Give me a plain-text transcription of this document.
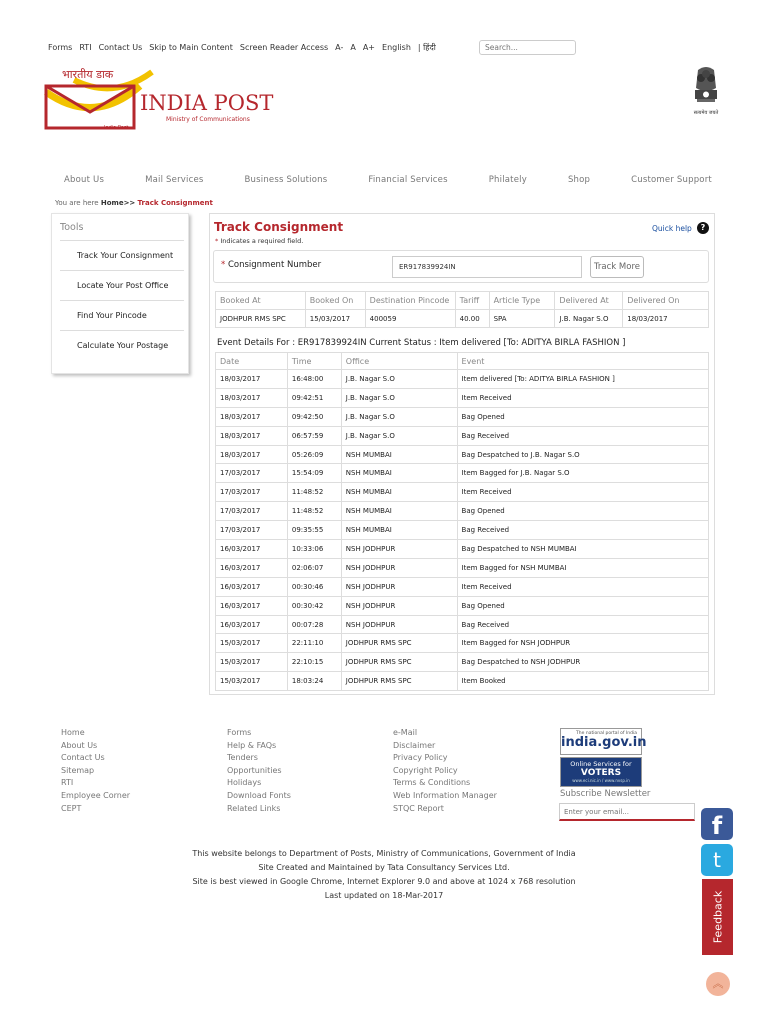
Forms RTI Contact Us Skip to Main Content Screen Reader Access A- A A+ English | हिंदी
Search...
भारतीय डाक
INDIA POST
Ministry of Communications
India Post
सत्यमेव जयते
About Us	Mail Services	Business Solutions	Financial Services	Philately	Shop	Customer Support
You are here Home>> Track Consignment
Tools
Track Your Consignment
Locate Your Post Office
Find Your Pincode
Calculate Your Postage
Track Consignment
* Indicates a required field.
Quick help	?
* Consignment Number
ER917839924IN	Track More
Booked At	Booked On	Destination Pincode	Tariff	Article Type	Delivered At	Delivered On
JODHPUR RMS SPC	15/03/2017	400059	40.00	SPA	J.B. Nagar S.O	18/03/2017
Event Details For : ER917839924IN Current Status : Item delivered [To: ADITYA BIRLA FASHION ]
Date	Time	Office	Event
18/03/2017	16:48:00	J.B. Nagar S.O	Item delivered [To: ADITYA BIRLA FASHION ]
18/03/2017	09:42:51	J.B. Nagar S.O	Item Received
18/03/2017	09:42:50	J.B. Nagar S.O	Bag Opened
18/03/2017	06:57:59	J.B. Nagar S.O	Bag Received
18/03/2017	05:26:09	NSH MUMBAI	Bag Despatched to J.B. Nagar S.O
17/03/2017	15:54:09	NSH MUMBAI	Item Bagged for J.B. Nagar S.O
17/03/2017	11:48:52	NSH MUMBAI	Item Received
17/03/2017	11:48:52	NSH MUMBAI	Bag Opened
17/03/2017	09:35:55	NSH MUMBAI	Bag Received
16/03/2017	10:33:06	NSH JODHPUR	Bag Despatched to NSH MUMBAI
16/03/2017	02:06:07	NSH JODHPUR	Item Bagged for NSH MUMBAI
16/03/2017	00:30:46	NSH JODHPUR	Item Received
16/03/2017	00:30:42	NSH JODHPUR	Bag Opened
16/03/2017	00:07:28	NSH JODHPUR	Bag Received
15/03/2017	22:11:10	JODHPUR RMS SPC	Item Bagged for NSH JODHPUR
15/03/2017	22:10:15	JODHPUR RMS SPC	Bag Despatched to NSH JODHPUR
15/03/2017	18:03:24	JODHPUR RMS SPC	Item Booked
Home
About Us
Contact Us
Sitemap
RTI
Employee Corner
CEPT
Forms
Help & FAQs
Tenders
Opportunities
Holidays
Download Fonts
Related Links
e-Mail
Disclaimer
Privacy Policy
Copyright Policy
Terms & Conditions
Web Information Manager
STQC Report
The national portal of India
india.gov.in
Online Services for
VOTERS
www.eci.nic.in / www.nvsp.in
Subscribe Newsletter
Enter your email...
This website belongs to Department of Posts, Ministry of Communications, Government of India
Site Created and Maintained by Tata Consultancy Services Ltd.
Site is best viewed in Google Chrome, Internet Explorer 9.0 and above at 1024 x 768 resolution
Last updated on 18-Mar-2017
f
t
Feedback
︽
